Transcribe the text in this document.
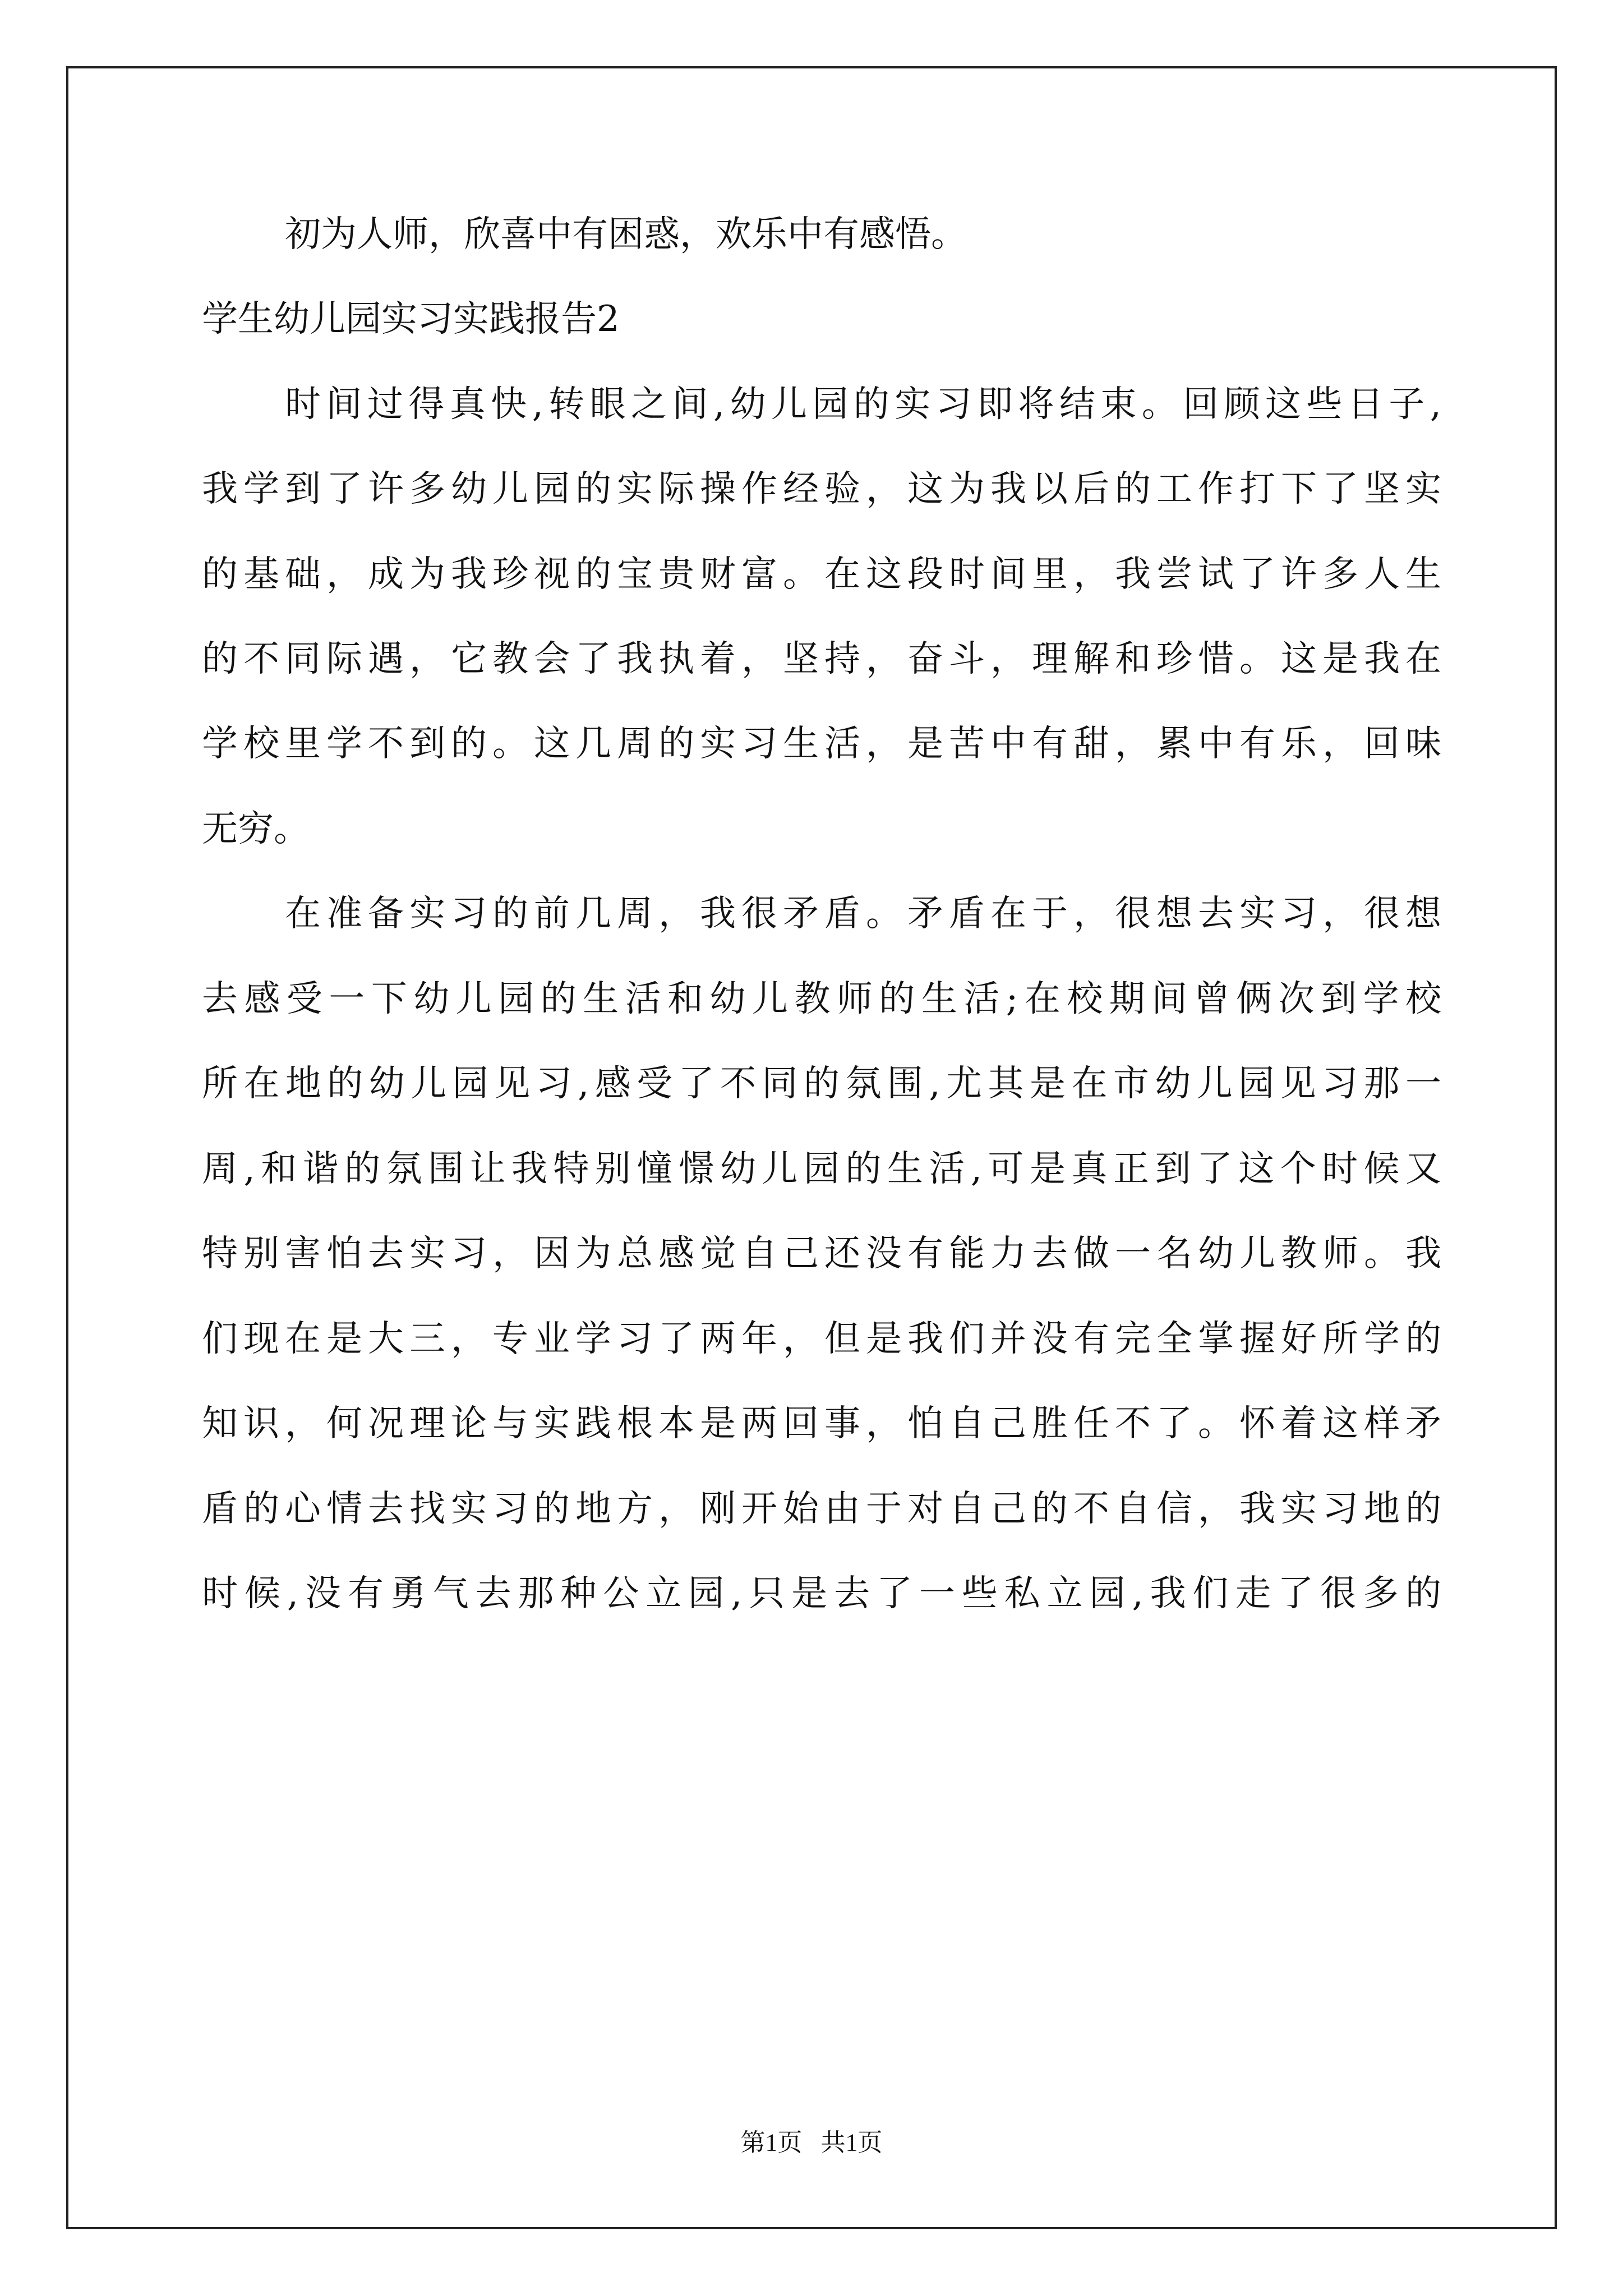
初为人师，欣喜中有困惑，欢乐中有感悟。
学生幼儿园实习实践报告2
时间过得真快,转眼之间,幼儿园的实习即将结束。回顾这些日子,
我学到了许多幼儿园的实际操作经验，这为我以后的工作打下了坚实
的基础，成为我珍视的宝贵财富。在这段时间里，我尝试了许多人生
的不同际遇，它教会了我执着，坚持，奋斗，理解和珍惜。这是我在
学校里学不到的。这几周的实习生活，是苦中有甜，累中有乐，回味
无穷。
在准备实习的前几周，我很矛盾。矛盾在于，很想去实习，很想
去感受一下幼儿园的生活和幼儿教师的生活;在校期间曾俩次到学校
所在地的幼儿园见习,感受了不同的氛围,尤其是在市幼儿园见习那一
周,和谐的氛围让我特别憧憬幼儿园的生活,可是真正到了这个时候又
特别害怕去实习，因为总感觉自己还没有能力去做一名幼儿教师。我
们现在是大三，专业学习了两年，但是我们并没有完全掌握好所学的
知识，何况理论与实践根本是两回事，怕自己胜任不了。怀着这样矛
盾的心情去找实习的地方，刚开始由于对自己的不自信，我实习地的
时候,没有勇气去那种公立园,只是去了一些私立园,我们走了很多的
第1页   共1页
